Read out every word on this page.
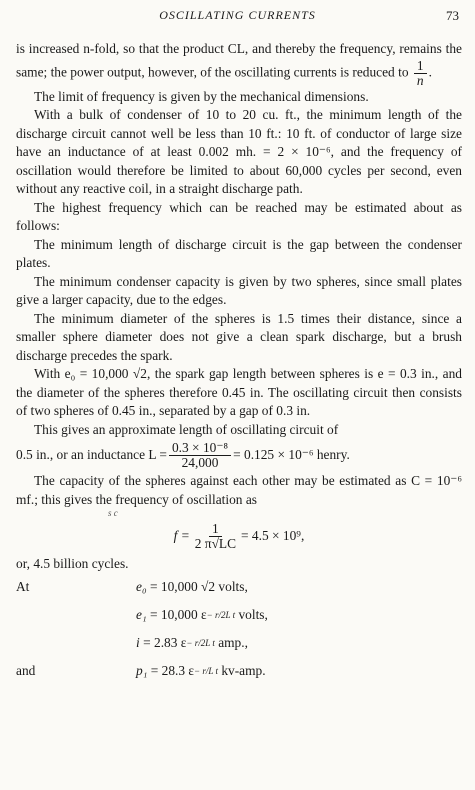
OSCILLATING CURRENTS	73

is increased n-fold, so that the product CL, and thereby the frequency, remains the same; the power output, however, of the oscillating currents is reduced to $\frac{1}{n}$ .

The limit of frequency is given by the mechanical dimensions.

With a bulk of condenser of 10 to 20 cu. ft., the minimum length of the discharge circuit cannot well be less than 10 ft.: 10 ft. of conductor of large size have an inductance of at least 0.002 mh. = 2 × 10⁻⁶, and the frequency of oscillation would therefore be limited to about 60,000 cycles per second, even without any reactive coil, in a straight discharge path.

The highest frequency which can be reached may be estimated about as follows:

The minimum length of discharge circuit is the gap between the condenser plates.

The minimum condenser capacity is given by two spheres, since small plates give a larger capacity, due to the edges.

The minimum diameter of the spheres is 1.5 times their distance, since a smaller sphere diameter does not give a clean spark discharge, but a brush discharge precedes the spark.

With e₀ = 10,000 √2, the spark gap length between spheres is e = 0.3 in., and the diameter of the spheres therefore 0.45 in. The oscillating circuit then consists of two spheres of 0.45 in., separated by a gap of 0.3 in.

This gives an approximate length of oscillating circuit of

0.5 in., or an inductance $L = \frac{\text{0.3 × 10⁻⁸}}{24,000} = 0.125 \times 10^{-6}$ henry.

The capacity of the spheres against each other may be estimated as C = 10⁻⁶ mf.; this gives the frequency of oscillation as

s c
$f = \frac{1}{2 \pi√LC} = 4.5 \times 10^9$,

or, 4.5 billion cycles.

At	e₀
= 10,000 √2 volts,
e₁
= 10,000 ε − r/2L t
volts,
i
= 2.83 ε − r/2L t
amp.,
and	p₁
= 28.3 ε − r/L t
kv-amp.
